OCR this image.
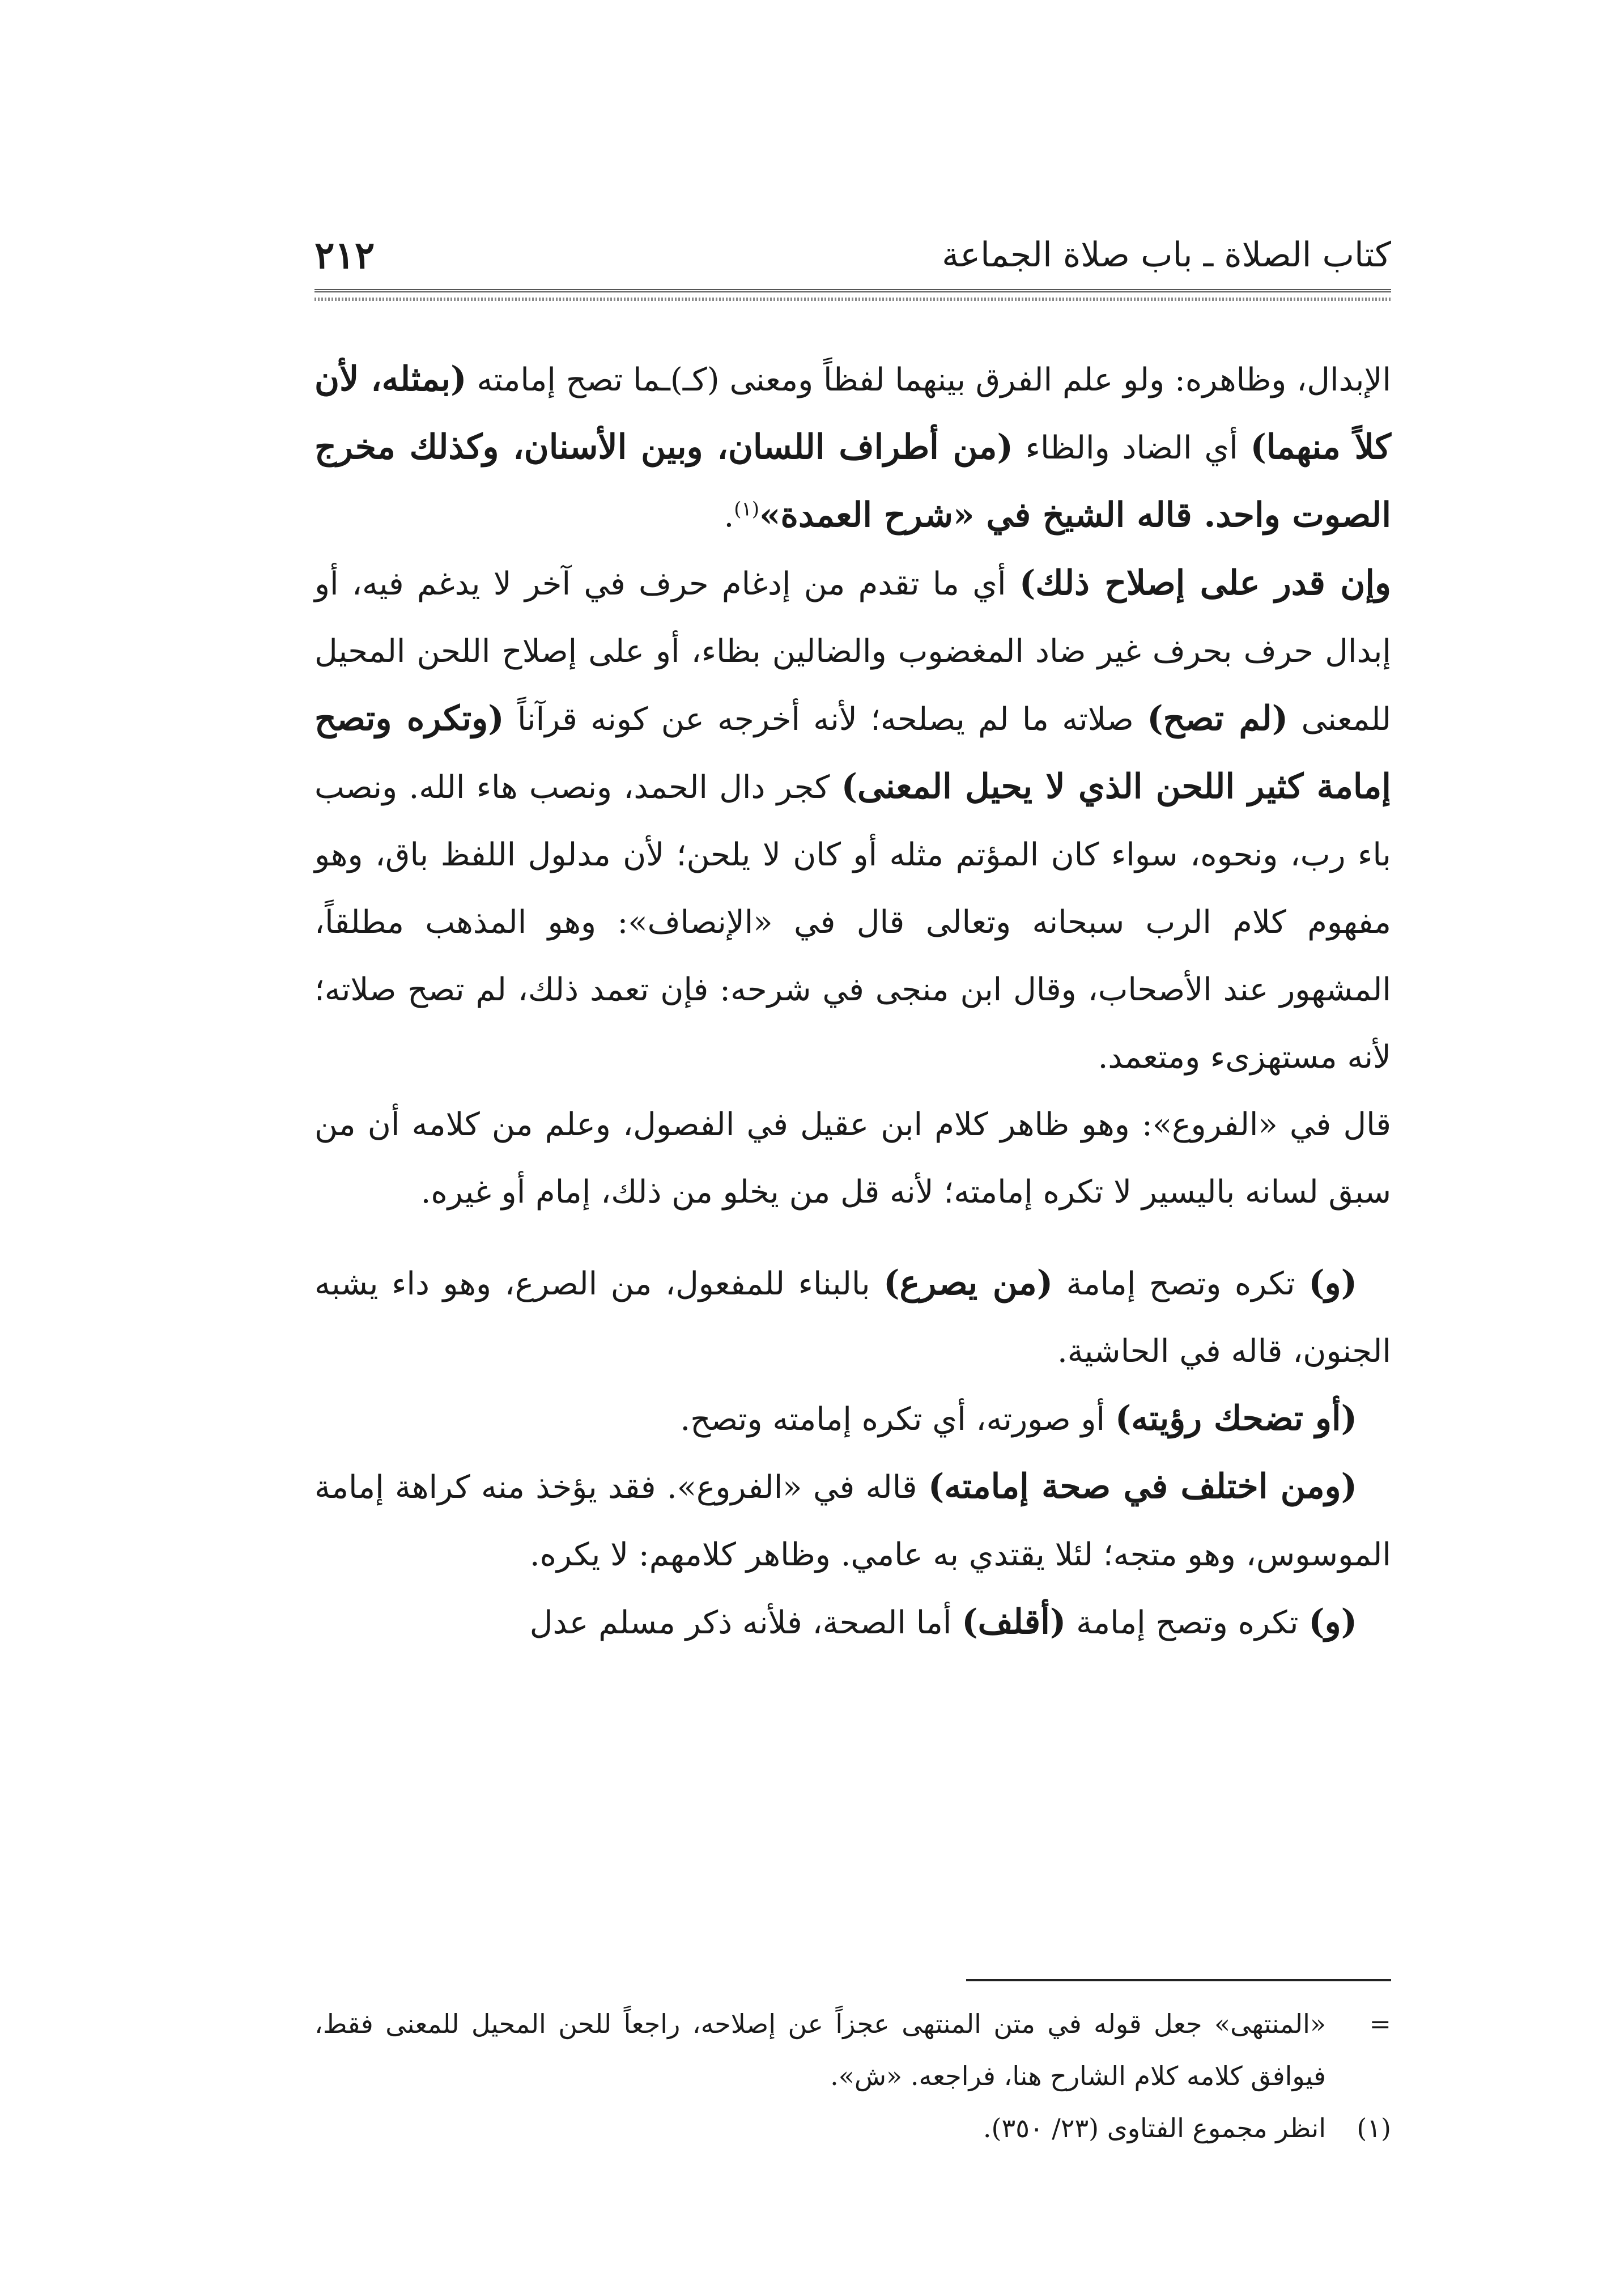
كتاب الصلاة ـ باب صلاة الجماعة
٢١٢

الإبدال، وظاهره: ولو علم الفرق بينهما لفظاً ومعنى (كـ)ـما تصح إمامته (بمثله، لأن كلاً منهما) أي الضاد والظاء (من أطراف اللسان، وبين الأسنان، وكذلك مخرج الصوت واحد. قاله الشيخ في «شرح العمدة»$^{(١)}$.

وإن قدر على إصلاح ذلك) أي ما تقدم من إدغام حرف في آخر لا يدغم فيه، أو إبدال حرف بحرف غير ضاد المغضوب والضالين بظاء، أو على إصلاح اللحن المحيل للمعنى (لم تصح) صلاته ما لم يصلحه؛ لأنه أخرجه عن كونه قرآناً (وتكره وتصح إمامة كثير اللحن الذي لا يحيل المعنى) كجر دال الحمد، ونصب هاء الله. ونصب باء رب، ونحوه، سواء كان المؤتم مثله أو كان لا يلحن؛ لأن مدلول اللفظ باق، وهو مفهوم كلام الرب سبحانه وتعالى قال في «الإنصاف»: وهو المذهب مطلقاً، المشهور عند الأصحاب، وقال ابن منجى في شرحه: فإن تعمد ذلك، لم تصح صلاته؛ لأنه مستهزىء ومتعمد.

قال في «الفروع»: وهو ظاهر كلام ابن عقيل في الفصول، وعلم من كلامه أن من سبق لسانه باليسير لا تكره إمامته؛ لأنه قل من يخلو من ذلك، إمام أو غيره.

(و) تكره وتصح إمامة (من يصرع) بالبناء للمفعول، من الصرع، وهو داء يشبه الجنون، قاله في الحاشية.

(أو تضحك رؤيته) أو صورته، أي تكره إمامته وتصح.

(ومن اختلف في صحة إمامته) قاله في «الفروع». فقد يؤخذ منه كراهة إمامة الموسوس، وهو متجه؛ لئلا يقتدي به عامي. وظاهر كلامهم: لا يكره.

(و) تكره وتصح إمامة (أقلف) أما الصحة، فلأنه ذكر مسلم عدل

=
«المنتهى» جعل قوله في متن المنتهى عجزاً عن إصلاحه، راجعاً للحن المحيل للمعنى فقط، فيوافق كلامه كلام الشارح هنا، فراجعه. «ش».

(١)
انظر مجموع الفتاوى (٢٣/ ٣٥٠).
